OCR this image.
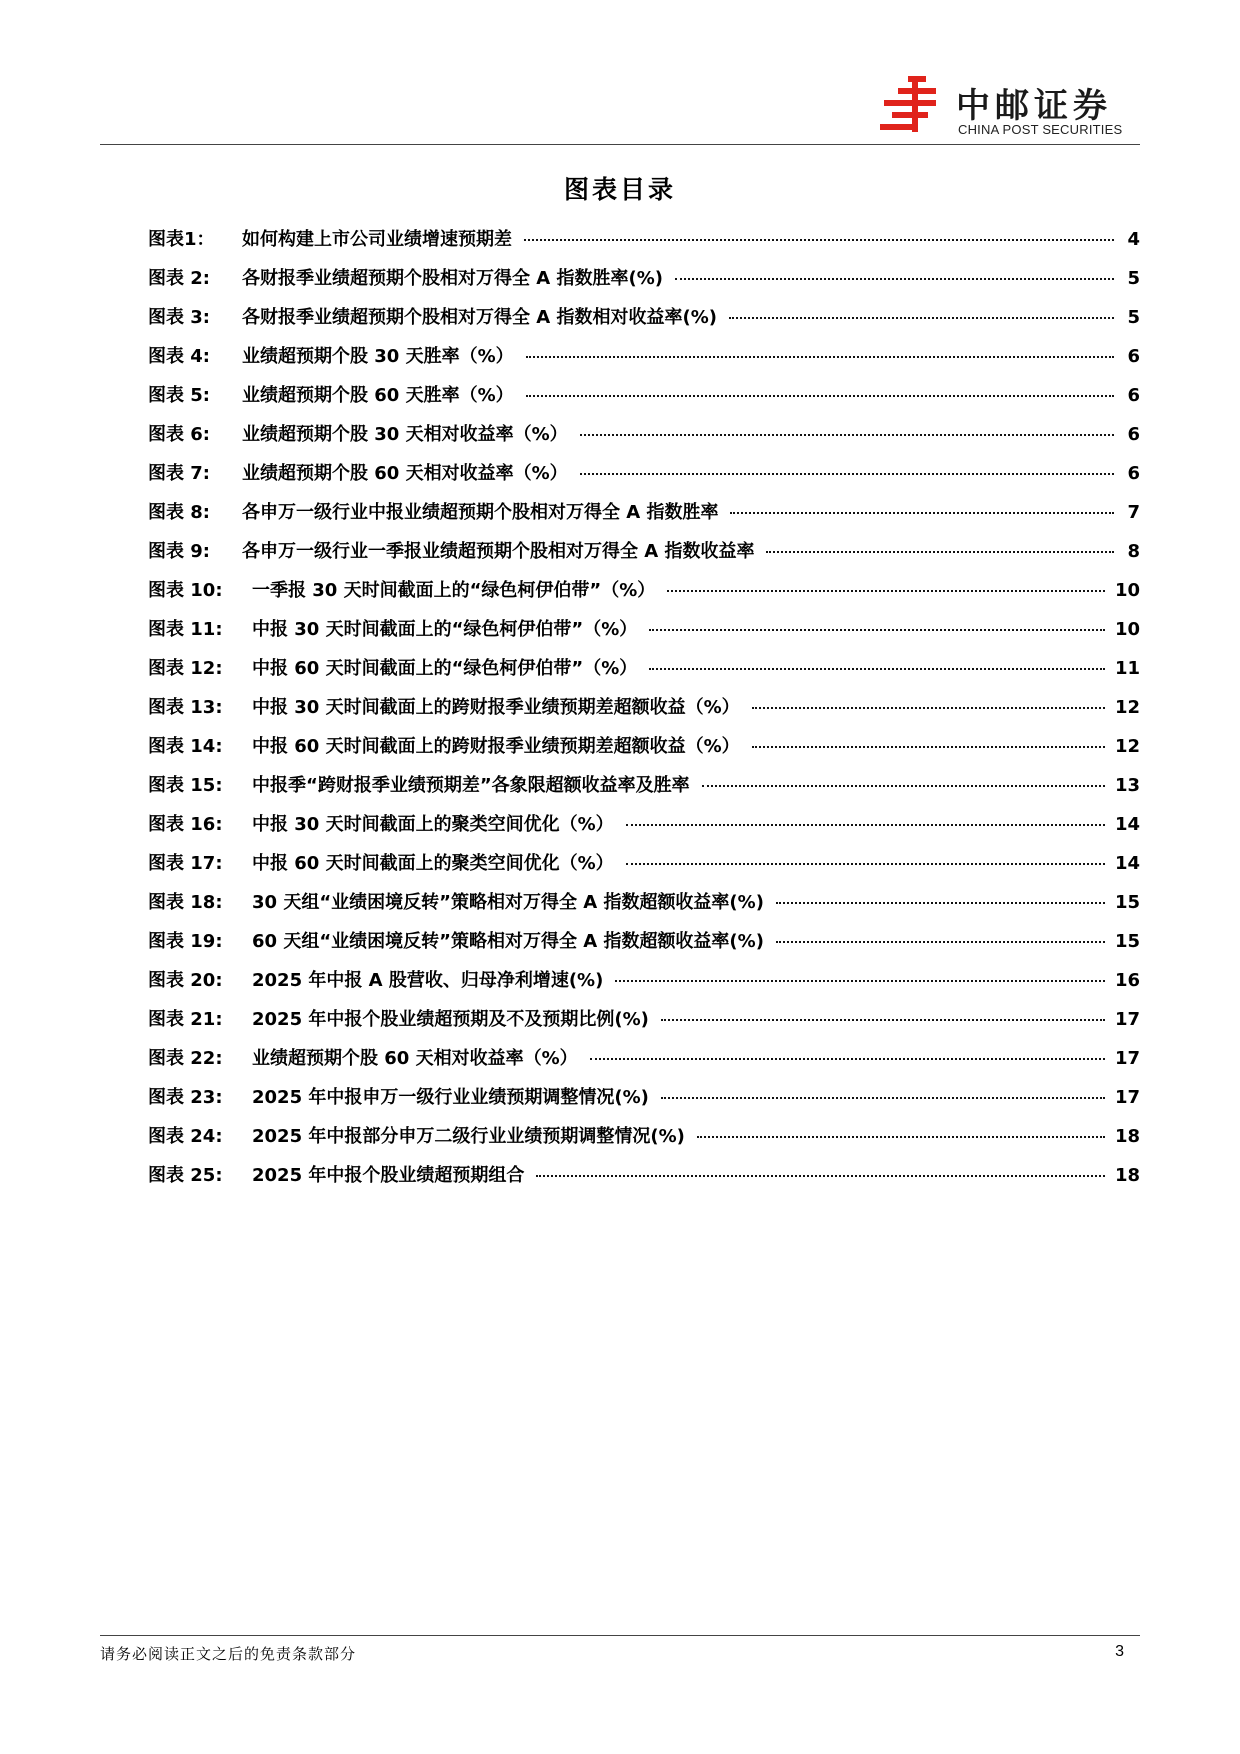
中邮证券
CHINA POST SECURITIES
图表目录
图表1：	如何构建上市公司业绩增速预期差	4
图表 2:	各财报季业绩超预期个股相对万得全 A 指数胜率(%)	5
图表 3:	各财报季业绩超预期个股相对万得全 A 指数相对收益率(%)	5
图表 4:	业绩超预期个股 30 天胜率（%）	6
图表 5:	业绩超预期个股 60 天胜率（%）	6
图表 6:	业绩超预期个股 30 天相对收益率（%）	6
图表 7:	业绩超预期个股 60 天相对收益率（%）	6
图表 8:	各申万一级行业中报业绩超预期个股相对万得全 A 指数胜率	7
图表 9:	各申万一级行业一季报业绩超预期个股相对万得全 A 指数收益率	8
图表 10:	一季报 30 天时间截面上的“绿色柯伊伯带”（%）	10
图表 11:	中报 30 天时间截面上的“绿色柯伊伯带”（%）	10
图表 12:	中报 60 天时间截面上的“绿色柯伊伯带”（%）	11
图表 13:	中报 30 天时间截面上的跨财报季业绩预期差超额收益（%）	12
图表 14:	中报 60 天时间截面上的跨财报季业绩预期差超额收益（%）	12
图表 15:	中报季“跨财报季业绩预期差”各象限超额收益率及胜率	13
图表 16:	中报 30 天时间截面上的聚类空间优化（%）	14
图表 17:	中报 60 天时间截面上的聚类空间优化（%）	14
图表 18:	30 天组“业绩困境反转”策略相对万得全 A 指数超额收益率(%)	15
图表 19:	60 天组“业绩困境反转”策略相对万得全 A 指数超额收益率(%)	15
图表 20:	2025 年中报 A 股营收、归母净利增速(%)	16
图表 21:	2025 年中报个股业绩超预期及不及预期比例(%)	17
图表 22:	业绩超预期个股 60 天相对收益率（%）	17
图表 23:	2025 年中报申万一级行业业绩预期调整情况(%)	17
图表 24:	2025 年中报部分申万二级行业业绩预期调整情况(%)	18
图表 25:	2025 年中报个股业绩超预期组合	18
请务必阅读正文之后的免责条款部分	3
